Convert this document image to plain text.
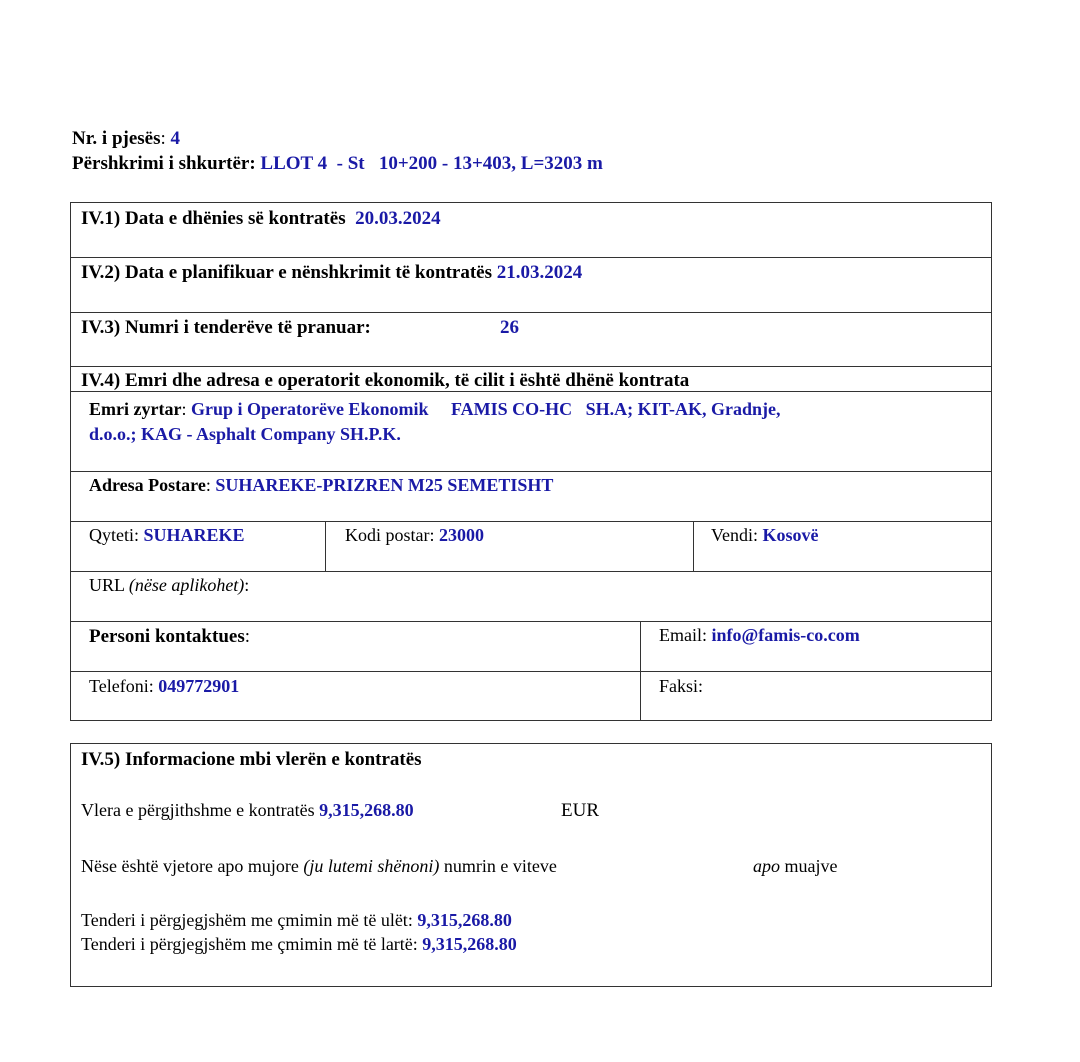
Nr. i pjesës: 4
Përshkrimi i shkurtër: LLOT 4  - St   10+200 - 13+403, L=3203 m
IV.1) Data e dhënies së kontratës 20.03.2024
IV.2) Data e planifikuar e nënshkrimit të kontratës 21.03.2024
IV.3) Numri i tenderëve të pranuar:	26
IV.4) Emri dhe adresa e operatorit ekonomik, të cilit i është dhënë kontrata
Emri zyrtar: Grup i Operatorëve Ekonomik     FAMIS CO-HC   SH.A; KIT-AK, Gradnje,
d.o.o.; KAG - Asphalt Company SH.P.K.
Adresa Postare: SUHAREKE-PRIZREN M25 SEMETISHT
Qyteti: SUHAREKE	Kodi postar: 23000	Vendi: Kosovë
URL (nëse aplikohet):
Personi kontaktues:	Email: info@famis-co.com
Telefoni: 049772901	Faksi:
IV.5) Informacione mbi vlerën e kontratës
Vlera e përgjithshme e kontratës 9,315,268.80	EUR
Nëse është vjetore apo mujore (ju lutemi shënoni) numrin e viteve	apo muajve
Tenderi i përgjegjshëm me çmimin më të ulët: 9,315,268.80
Tenderi i përgjegjshëm me çmimin më të lartë: 9,315,268.80
